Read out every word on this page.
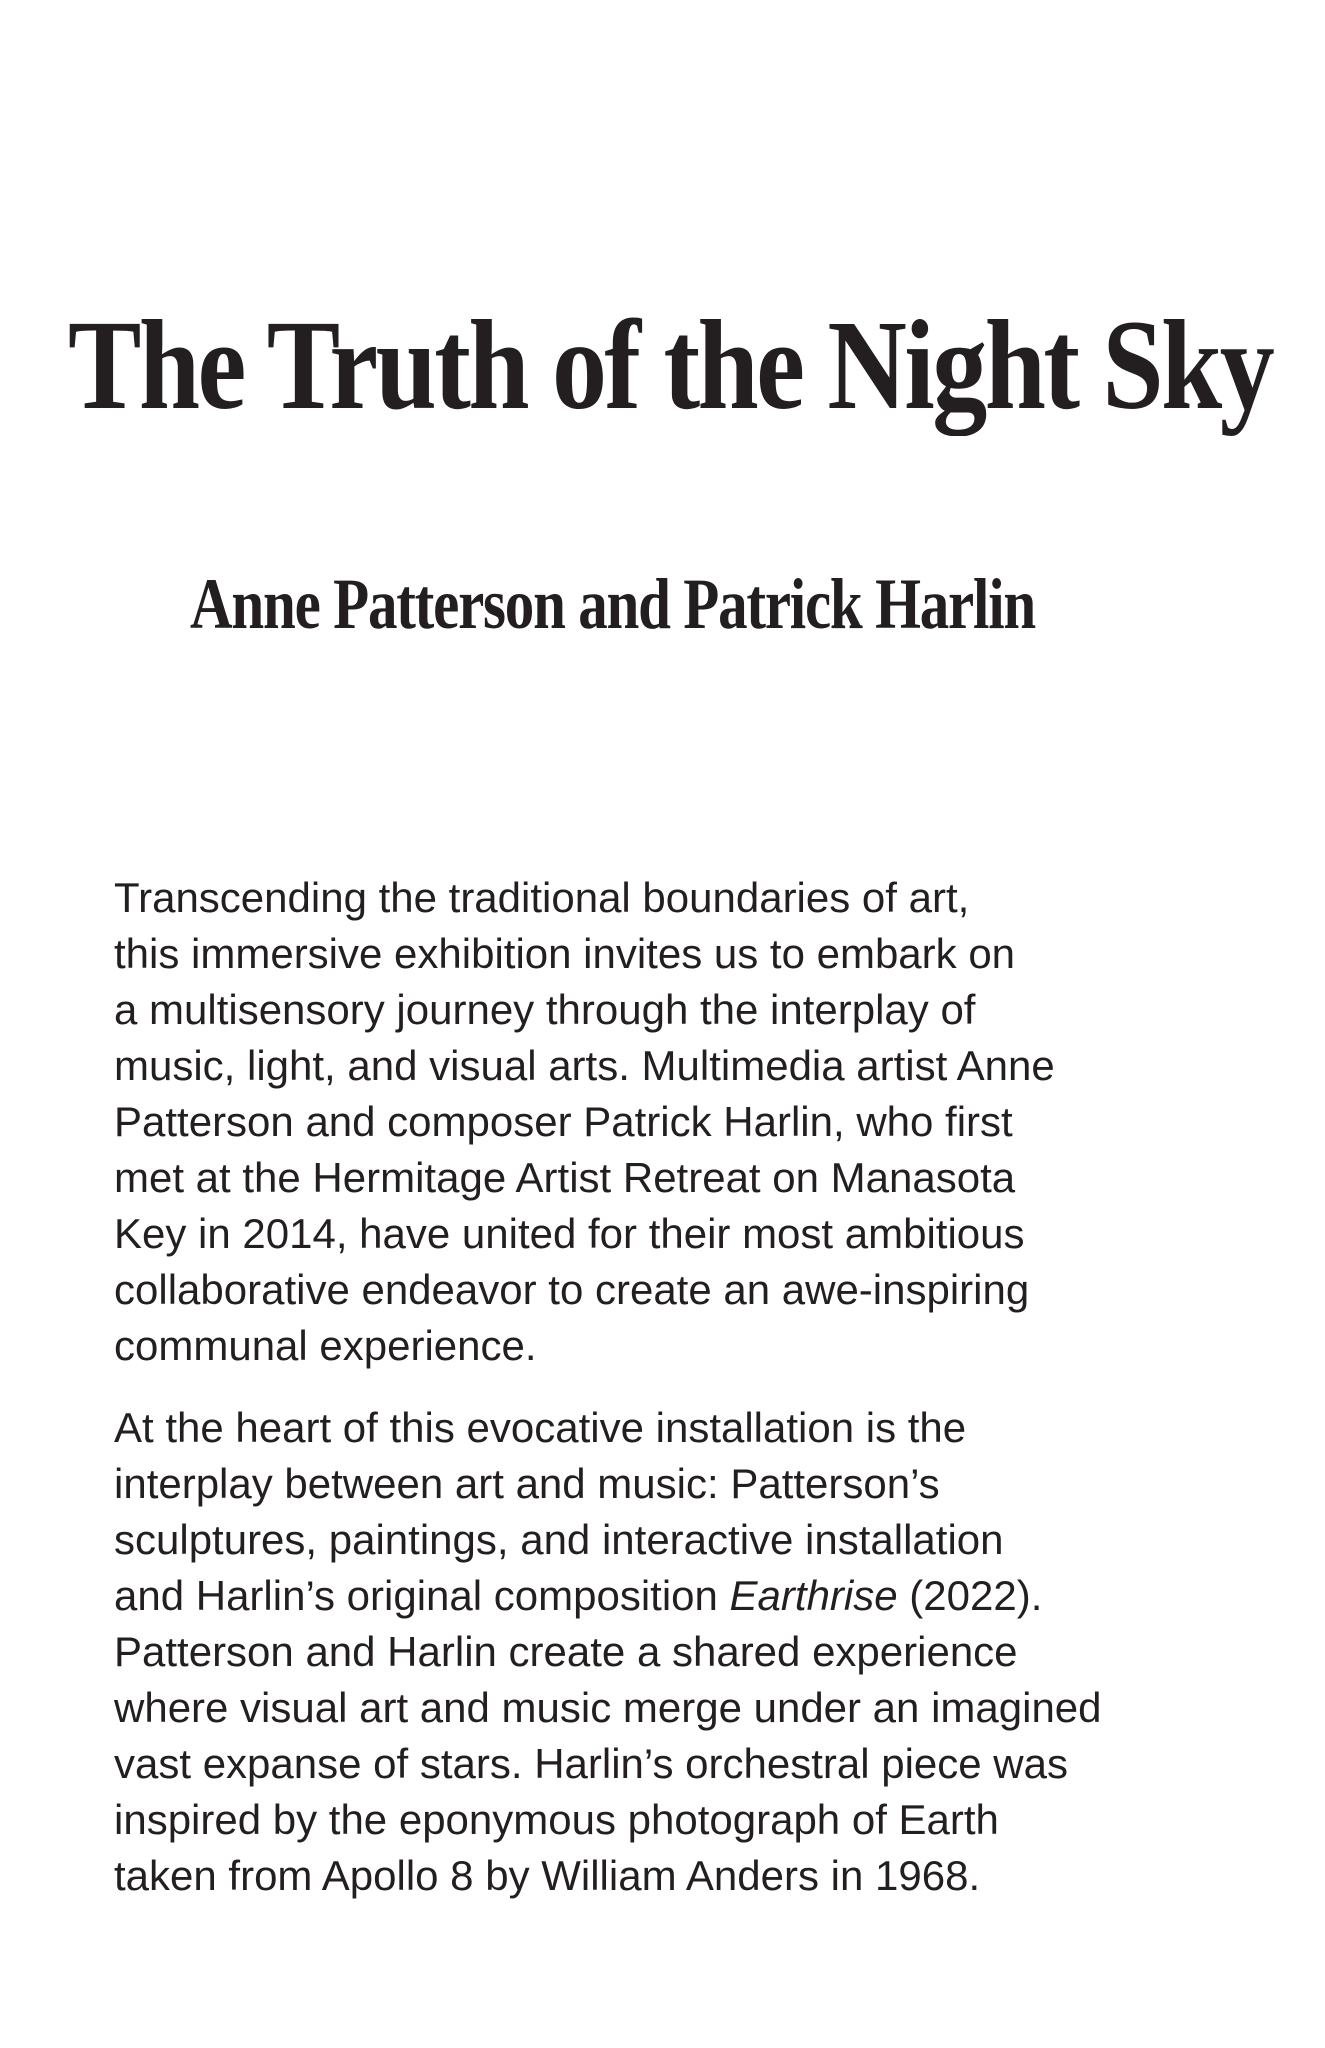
The Truth of the Night Sky
Anne Patterson and Patrick Harlin

Transcending the traditional boundaries of art,
this immersive exhibition invites us to embark on
a multisensory journey through the interplay of
music, light, and visual arts. Multimedia artist Anne
Patterson and composer Patrick Harlin, who first
met at the Hermitage Artist Retreat on Manasota
Key in 2014, have united for their most ambitious
collaborative endeavor to create an awe-inspiring
communal experience.

At the heart of this evocative installation is the
interplay between art and music: Patterson’s
sculptures, paintings, and interactive installation
and Harlin’s original composition Earthrise (2022).
Patterson and Harlin create a shared experience
where visual art and music merge under an imagined
vast expanse of stars. Harlin’s orchestral piece was
inspired by the eponymous photograph of Earth
taken from Apollo 8 by William Anders in 1968.
